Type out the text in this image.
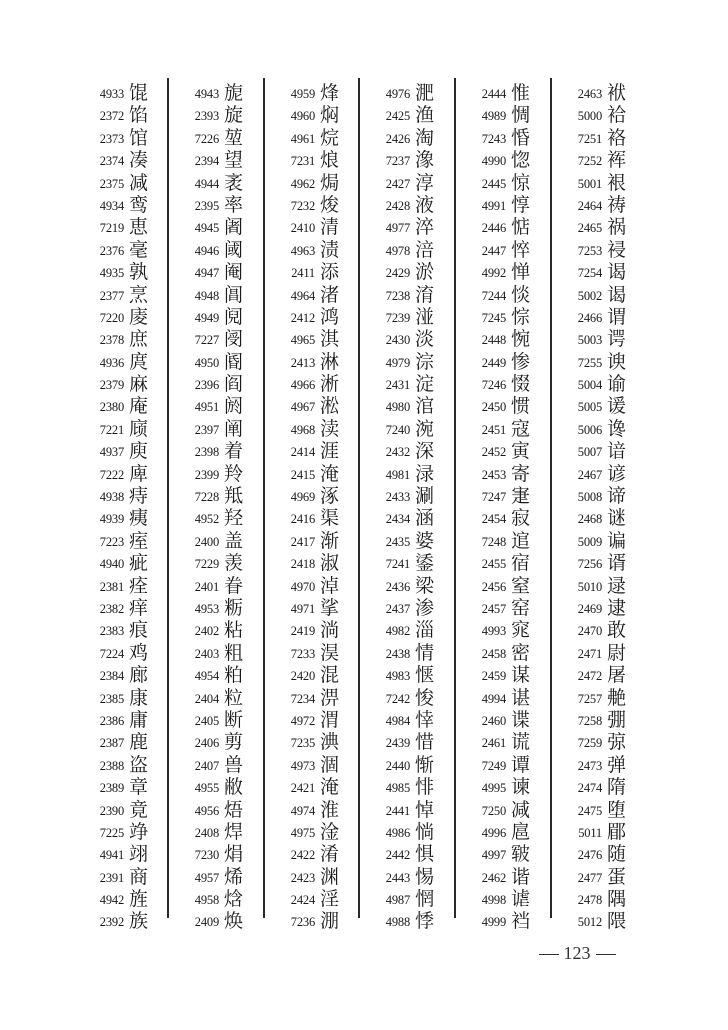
4933 馄
2372 馅
2373 馆
2374 凑
2375 减
4934 鸾
7219 恵
2376 毫
4935 孰
2377 烹
7220 庱
2378 庶
4936 庹
2379 麻
2380 庵
7221 庼
4937 庾
7222 庳
4938 痔
4939 痍
7223 痓
4940 疵
2381 痊
2382 痒
2383 痕
7224 鸡
2384 廊
2385 康
2386 庸
2387 鹿
2388 盗
2389 章
2390 竟
7225 竫
4941 翊
2391 商
4942 旌
2392 族
4943 旎
2393 旋
7226 堃
2394 望
4944 袤
2395 率
4945 阇
4946 阈
4947 阉
4948 阊
4949 阋
7227 阌
4950 阍
2396 阎
4951 阏
2397 阐
2398 着
2399 羚
7228 羝
4952 羟
2400 盖
7229 羡
2401 眷
4953 粝
2402 粘
2403 粗
4954 粕
2404 粒
2405 断
2406 剪
2407 兽
4955 敝
4956 焐
2408 焊
7230 焆
4957 烯
4958 焓
2409 焕
4959 烽
4960 焖
4961 烷
7231 烺
4962 焗
7232 焌
2410 清
4963 渍
2411 添
4964 渚
2412 鸿
4965 淇
2413 淋
4966 淅
4967 淞
4968 渎
2414 涯
2415 淹
4969 涿
2416 渠
2417 渐
2418 淑
4970 淖
4971 挲
2419 淌
7233 淏
2420 混
7234 淠
4972 渭
7235 淟
4973 涸
2421 淹
4974 淮
4975 淦
2422 淆
2423 渊
2424 淫
7236 淜
4976 淝
2425 渔
2426 淘
7237 潒
2427 淳
2428 液
4977 淬
4978 涪
2429 淤
7238 淯
7239 湴
2430 淡
4979 淙
2431 淀
4980 涫
7240 涴
2432 深
4981 渌
2433 涮
2434 涵
2435 婆
7241 鋈
2436 梁
2437 渗
4982 淄
2438 情
4983 惬
7242 悛
4984 悻
2439 惜
2440 惭
4985 悱
2441 悼
4986 惝
2442 惧
2443 惕
4987 惘
4988 悸
2444 惟
4989 惆
7243 惛
4990 惚
2445 惊
4991 惇
2446 惦
2447 悴
4992 惮
7244 惔
7245 悰
2448 惋
2449 惨
7246 惙
2450 惯
2451 寇
2452 寅
2453 寄
7247 寁
2454 寂
7248 逭
2455 宿
2456 窒
2457 窑
4993 窕
2458 密
2459 谋
4994 谌
2460 谍
2461 谎
7249 谭
4995 谏
7250 减
4996 扈
4997 皲
2462 谐
4998 谑
4999 裆
2463 袱
5000 袷
7251 袼
7252 裈
5001 裉
2464 祷
2465 祸
7253 祲
7254 谒
5002 谒
2466 谓
5003 谔
7255 谀
5004 谕
5005 谖
5006 谗
5007 谙
2467 谚
5008 谛
2468 谜
5009 谝
7256 谞
5010 逯
2469 逮
2470 敢
2471 尉
2472 屠
7257 艴
7258 弸
7259 弶
2473 弹
2474 隋
2475 堕
5011 郿
2476 随
2477 蛋
2478 隅
5012 隈
123
